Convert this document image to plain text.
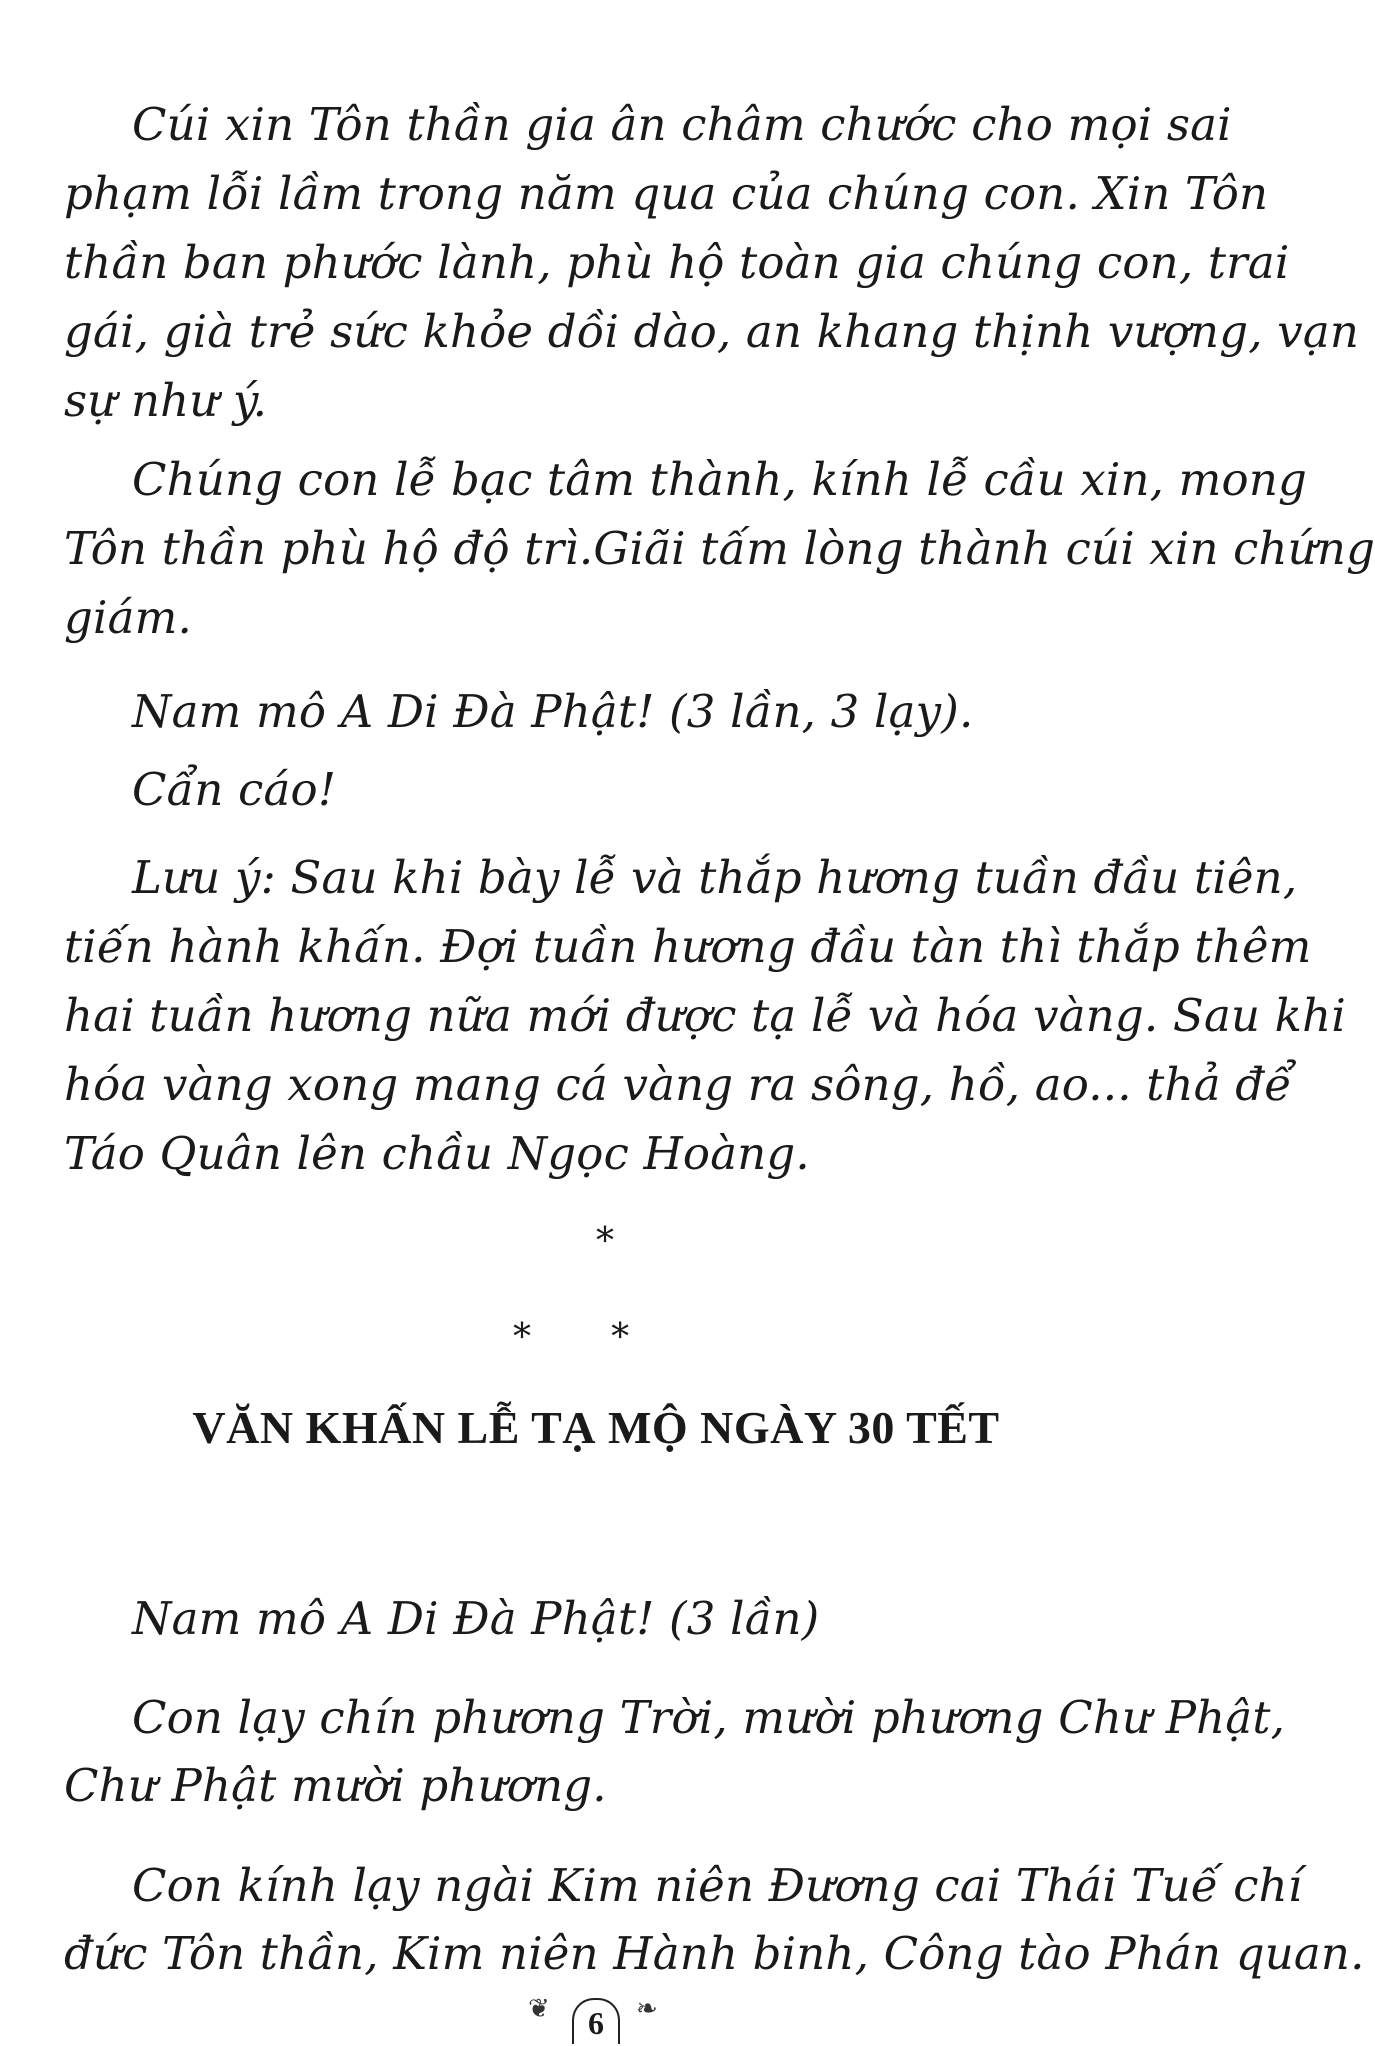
Cúi xin Tôn thần gia ân châm chước cho mọi sai
phạm lỗi lầm trong năm qua của chúng con. Xin Tôn
thần ban phước lành, phù hộ toàn gia chúng con, trai
gái, già trẻ sức khỏe dồi dào, an khang thịnh vượng, vạn
sự như ý.
Chúng con lễ bạc tâm thành, kính lễ cầu xin, mong
Tôn thần phù hộ độ trì.Giãi tấm lòng thành cúi xin chứng
giám.
Nam mô A Di Đà Phật! (3 lần, 3 lạy).
Cẩn cáo!
Lưu ý: Sau khi bày lễ và thắp hương tuần đầu tiên,
tiến hành khấn. Đợi tuần hương đầu tàn thì thắp thêm
hai tuần hương nữa mới được tạ lễ và hóa vàng. Sau khi
hóa vàng xong mang cá vàng ra sông, hồ, ao... thả để
Táo Quân lên chầu Ngọc Hoàng.
*
*       *
VĂN KHẤN LỄ TẠ MỘ NGÀY 30 TẾT
Nam mô A Di Đà Phật! (3 lần)
Con lạy chín phương Trời, mười phương Chư Phật,
Chư Phật mười phương.
Con kính lạy ngài Kim niên Đương cai Thái Tuế chí
đức Tôn thần, Kim niên Hành binh, Công tào Phán quan.
❦	6	❧
